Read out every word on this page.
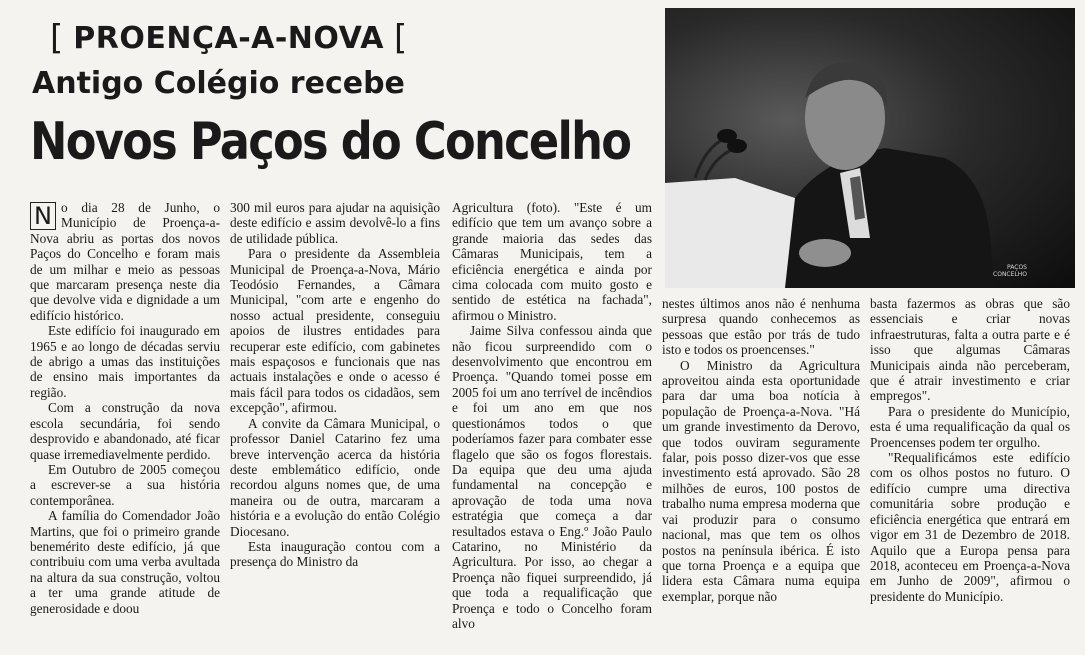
[ PROENÇA-A-NOVA [
Antigo Colégio recebe
Novos Paços do Concelho
PAÇOS
CONCELHO

N o dia 28 de Junho, o Município de Proença-a-Nova abriu as portas dos novos Paços do Concelho e foram mais de um milhar e meio as pessoas que marcaram presença neste dia que devolve vida e dignidade a um edifício histórico.

Este edifício foi inaugurado em 1965 e ao longo de décadas serviu de abrigo a umas das instituições de ensino mais importantes da região.

Com a construção da nova escola secundária, foi sendo desprovido e abandonado, até ficar quase irremediavelmente perdido.

Em Outubro de 2005 começou a escrever-se a sua história contemporânea.

A família do Comendador João Martins, que foi o primeiro grande benemérito deste edifício, já que contribuiu com uma verba avultada na altura da sua construção, voltou a ter uma grande atitude de generosidade e doou

300 mil euros para ajudar na aquisição deste edifício e assim devolvê-lo a fins de utilidade pública.

Para o presidente da Assembleia Municipal de Proença-a-Nova, Mário Teodósio Fernandes, a Câmara Municipal, "com arte e engenho do nosso actual presidente, conseguiu apoios de ilustres entidades para recuperar este edifício, com gabinetes mais espaçosos e funcionais que nas actuais instalações e onde o acesso é mais fácil para todos os cidadãos, sem excepção", afirmou.

A convite da Câmara Municipal, o professor Daniel Catarino fez uma breve intervenção acerca da história deste emblemático edifício, onde recordou alguns nomes que, de uma maneira ou de outra, marcaram a história e a evolução do então Colégio Diocesano.

Esta inauguração contou com a presença do Ministro da

Agricultura (foto). "Este é um edifício que tem um avanço sobre a grande maioria das sedes das Câmaras Municipais, tem a eficiência energética e ainda por cima colocada com muito gosto e sentido de estética na fachada", afirmou o Ministro.

Jaime Silva confessou ainda que não ficou surpreendido com o desenvolvimento que encontrou em Proença. "Quando tomei posse em 2005 foi um ano terrível de incêndios e foi um ano em que nos questionámos todos o que poderíamos fazer para combater esse flagelo que são os fogos florestais. Da equipa que deu uma ajuda fundamental na concepção e aprovação de toda uma nova estratégia que começa a dar resultados estava o Eng.º João Paulo Catarino, no Ministério da Agricultura. Por isso, ao chegar a Proença não fiquei surpreendido, já que toda a requalificação que Proença e todo o Concelho foram alvo

nestes últimos anos não é nenhuma surpresa quando conhecemos as pessoas que estão por trás de tudo isto e todos os proencenses."

O Ministro da Agricultura aproveitou ainda esta oportunidade para dar uma boa notícia à população de Proença-a-Nova. "Há um grande investimento da Derovo, que todos ouviram seguramente falar, pois posso dizer-vos que esse investimento está aprovado. São 28 milhões de euros, 100 postos de trabalho numa empresa moderna que vai produzir para o consumo nacional, mas que tem os olhos postos na península ibérica. É isto que torna Proença e a equipa que lidera esta Câmara numa equipa exemplar, porque não

basta fazermos as obras que são essenciais e criar novas infraestruturas, falta a outra parte e é isso que algumas Câmaras Municipais ainda não perceberam, que é atrair investimento e criar empregos".

Para o presidente do Município, esta é uma requalificação da qual os Proencenses podem ter orgulho.

"Requalificámos este edifício com os olhos postos no futuro. O edifício cumpre uma directiva comunitária sobre produção e eficiência energética que entrará em vigor em 31 de Dezembro de 2018. Aquilo que a Europa pensa para 2018, aconteceu em Proença-a-Nova em Junho de 2009", afirmou o presidente do Município.
